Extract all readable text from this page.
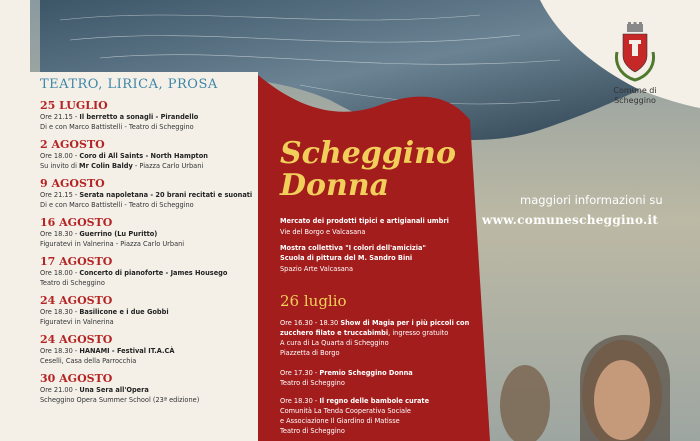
TEATRO, LIRICA, PROSA
25 LUGLIO
Ore 21.15 - Il berretto a sonagli - Pirandello
Di e con Marco Battistelli - Teatro di Scheggino
2 AGOSTO
Ore 18.00 - Coro di All Saints - North Hampton
Su invito di Mr Colin Baldy - Piazza Carlo Urbani
9 AGOSTO
Ore 21.15 - Serata napoletana - 20 brani recitati e suonati
Di e con Marco Battistelli - Teatro di Scheggino
16 AGOSTO
Ore 18.30 - Guerrino (Lu Puritto)
Figuratevi in Valnerina - Piazza Carlo Urbani
17 AGOSTO
Ore 18.00 - Concerto di pianoforte - James Housego
Teatro di Scheggino
24 AGOSTO
Ore 18.30 - Basilicone e i due Gobbi
Figuratevi in Valnerina
24 AGOSTO
Ore 18.30 - HANAMI - Festival IT.A.CÀ
Ceselli, Casa della Parrocchia
30 AGOSTO
Ore 21.00 - Una Sera all'Opera
Scheggino Opera Summer School (23ª edizione)
Comune di
Scheggino
Scheggino
Donna
Mercato dei prodotti tipici e artigianali umbri
Vie del Borgo e Valcasana
Mostra collettiva "I colori dell'amicizia"
Scuola di pittura del M. Sandro Bini
Spazio Arte Valcasana
26 luglio
Ore 16.30 - 18.30 Show di Magia per i più piccoli con
zucchero filato e truccabimbi, ingresso gratuito
A cura di La Quarta di Scheggino
Piazzetta di Borgo
Ore 17.30 - Premio Scheggino Donna
Teatro di Scheggino
Ore 18.30 - Il regno delle bambole curate
Comunità La Tenda Cooperativa Sociale
e Associazione Il Giardino di Matisse
Teatro di Scheggino
maggiori informazioni su
www.comunescheggino.it
